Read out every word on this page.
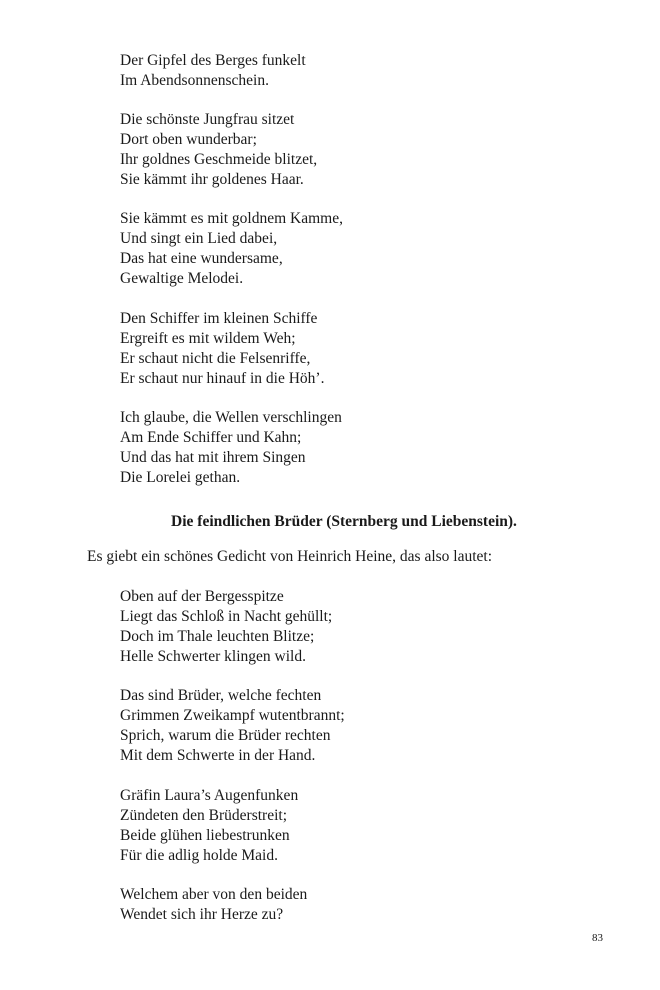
Der Gipfel des Berges funkelt
Im Abendsonnenschein.
Die schönste Jungfrau sitzet
Dort oben wunderbar;
Ihr goldnes Geschmeide blitzet,
Sie kämmt ihr goldenes Haar.
Sie kämmt es mit goldnem Kamme,
Und singt ein Lied dabei,
Das hat eine wundersame,
Gewaltige Melodei.
Den Schiffer im kleinen Schiffe
Ergreift es mit wildem Weh;
Er schaut nicht die Felsenriffe,
Er schaut nur hinauf in die Höh’.
Ich glaube, die Wellen verschlingen
Am Ende Schiffer und Kahn;
Und das hat mit ihrem Singen
Die Lorelei gethan.
Die feindlichen Brüder (Sternberg und Liebenstein).
Es giebt ein schönes Gedicht von Heinrich Heine, das also lautet:
Oben auf der Bergesspitze
Liegt das Schloß in Nacht gehüllt;
Doch im Thale leuchten Blitze;
Helle Schwerter klingen wild.
Das sind Brüder, welche fechten
Grimmen Zweikampf wutentbrannt;
Sprich, warum die Brüder rechten
Mit dem Schwerte in der Hand.
Gräfin Laura’s Augenfunken
Zündeten den Brüderstreit;
Beide glühen liebestrunken
Für die adlig holde Maid.
Welchem aber von den beiden
Wendet sich ihr Herze zu?
83
